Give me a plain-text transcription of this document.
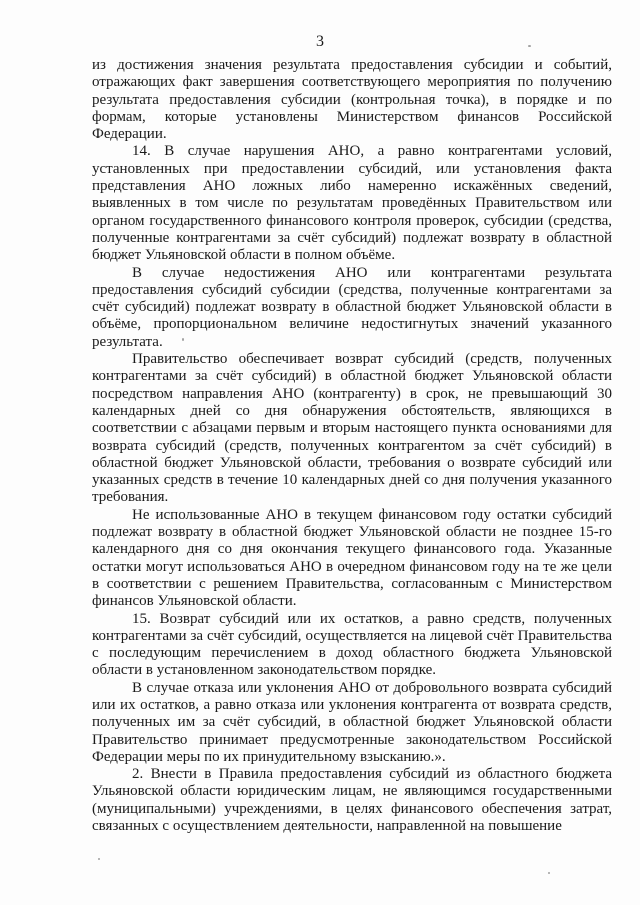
3

из достижения значения результата предоставления субсидии и событий, отражающих факт завершения соответствующего мероприятия по получению результата предоставления субсидии (контрольная точка), в порядке и по формам, которые установлены Министерством финансов Российской Федерации.

14. В случае нарушения АНО, а равно контрагентами условий, установленных при предоставлении субсидий, или установления факта представления АНО ложных либо намеренно искажённых сведений, выявленных в том числе по результатам проведённых Правительством или органом государственного финансового контроля проверок, субсидии (средства, полученные контрагентами за счёт субсидий) подлежат возврату в областной бюджет Ульяновской области в полном объёме.

В случае недостижения АНО или контрагентами результата предоставления субсидий субсидии (средства, полученные контрагентами за счёт субсидий) подлежат возврату в областной бюджет Ульяновской области в объёме, пропорциональном величине недостигнутых значений указанного результата.

Правительство обеспечивает возврат субсидий (средств, полученных контрагентами за счёт субсидий) в областной бюджет Ульяновской области посредством направления АНО (контрагенту) в срок, не превышающий 30 календарных дней со дня обнаружения обстоятельств, являющихся в соответствии с абзацами первым и вторым настоящего пункта основаниями для возврата субсидий (средств, полученных контрагентом за счёт субсидий) в областной бюджет Ульяновской области, требования о возврате субсидий или указанных средств в течение 10 календарных дней со дня получения указанного требования.

Не использованные АНО в текущем финансовом году остатки субсидий подлежат возврату в областной бюджет Ульяновской области не позднее 15-го календарного дня со дня окончания текущего финансового года. Указанные остатки могут использоваться АНО в очередном финансовом году на те же цели в соответствии с решением Правительства, согласованным с Министерством финансов Ульяновской области.

15. Возврат субсидий или их остатков, а равно средств, полученных контрагентами за счёт субсидий, осуществляется на лицевой счёт Правительства с последующим перечислением в доход областного бюджета Ульяновской области в установленном законодательством порядке.

В случае отказа или уклонения АНО от добровольного возврата субсидий или их остатков, а равно отказа или уклонения контрагента от возврата средств, полученных им за счёт субсидий, в областной бюджет Ульяновской области Правительство принимает предусмотренные законодательством Российской Федерации меры по их принудительному взысканию.».

2. Внести в Правила предоставления субсидий из областного бюджета Ульяновской области юридическим лицам, не являющимся государственными (муниципальными) учреждениями, в целях финансового обеспечения затрат, связанных с осуществлением деятельности, направленной на повышение
